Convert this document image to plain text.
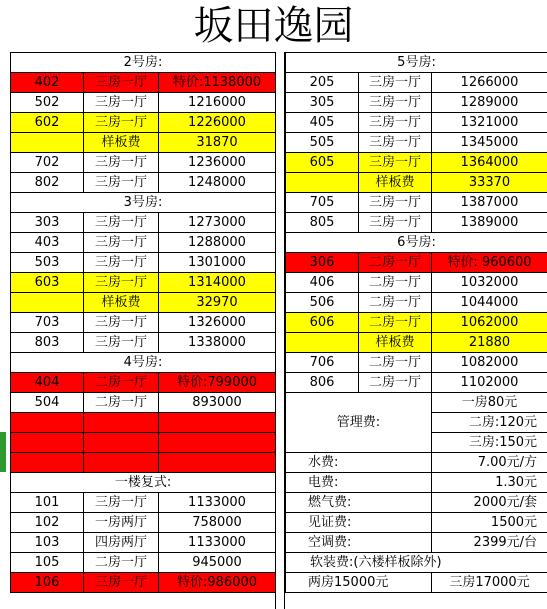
坂田逸园
2号房:		
402	三房一厅	特价:1138000
502	三房一厅	1216000
602	三房一厅	1226000
	样板费	31870
702	三房一厅	1236000
802	三房一厅	1248000
3号房:		
303	三房一厅	1273000
403	三房一厅	1288000
503	三房一厅	1301000
603	三房一厅	1314000
	样板费	32970
703	三房一厅	1326000
803	三房一厅	1338000
4号房:		
404	二房一厅	特价:799000
504	二房一厅	893000

一楼复式:		
101	三房一厅	1133000
102	一房两厅	758000
103	四房两厅	1133000
105	二房一厅	945000
106	三房一厅	特价:986000
5号房:		
205	三房一厅	1266000
305	三房一厅	1289000
405	三房一厅	1321000
505	三房一厅	1345000
605	三房一厅	1364000
	样板费	33370
705	三房一厅	1387000
805	三房一厅	1389000
6号房:		
306	二房一厅	特价: 960600
406	二房一厅	1032000
506	二房一厅	1044000
606	二房一厅	1062000
	样板费	21880
706	二房一厅	1082000
806	二房一厅	1102000
管理费:		一房80元
		二房:120元
		三房:150元
水费:		7.00元/方
电费:		1.30元
燃气费:		2000元/套
见证费:		1500元
空调费:		2399元/台
软装费:(六楼样板除外)		
两房15000元		三房17000元
